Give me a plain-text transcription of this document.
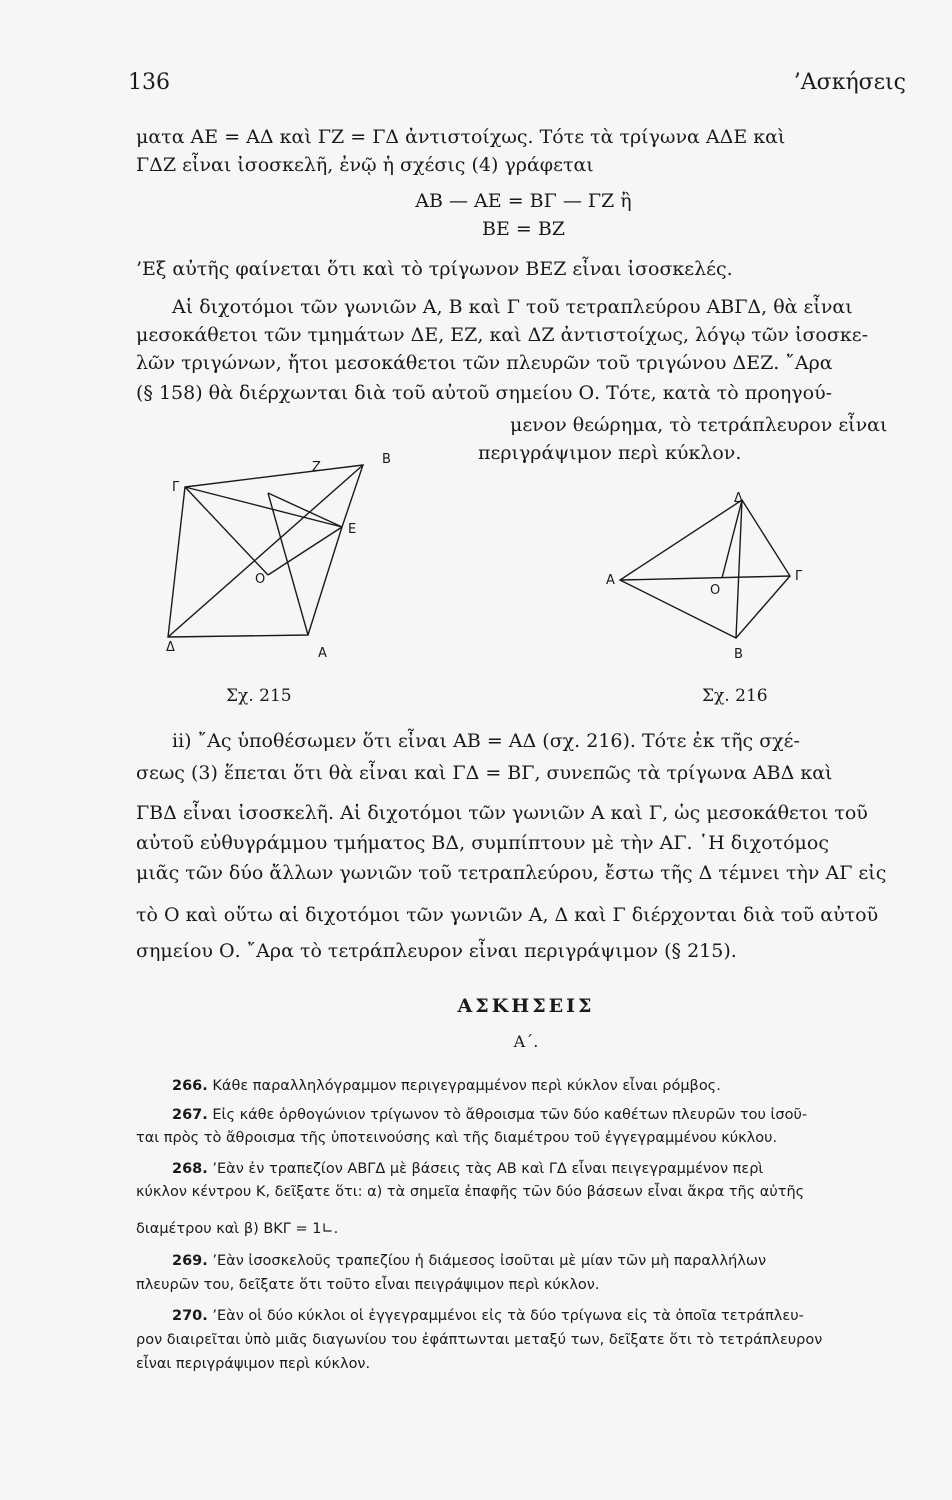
136	’Ασκήσεις
ματα ΑΕ = ΑΔ καὶ ΓΖ = ΓΔ ἀντιστοίχως. Τότε τὰ τρίγωνα ΑΔΕ καὶ
ΓΔΖ εἶναι ἰσοσκελῆ, ἐνῷ ἡ σχέσις (4) γράφεται
ΑΒ — ΑΕ = ΒΓ — ΓΖ ἢ
ΒΕ = ΒΖ
’Εξ αὐτῆς φαίνεται ὅτι καὶ τὸ τρίγωνον ΒΕΖ εἶναι ἰσοσκελές.
Αἱ διχοτόμοι τῶν γωνιῶν Α, Β καὶ Γ τοῦ τετραπλεύρου ΑΒΓΔ, θὰ εἶναι
μεσοκάθετοι τῶν τμημάτων ΔΕ, ΕΖ, καὶ ΔΖ ἀντιστοίχως, λόγῳ τῶν ἰσοσκε-
λῶν τριγώνων, ἤτοι μεσοκάθετοι τῶν πλευρῶν τοῦ τριγώνου ΔΕΖ. ῎Αρα
(§ 158) θὰ διέρχωνται διὰ τοῦ αὐτοῦ σημείου Ο. Τότε, κατὰ τὸ προηγού-
μενον θεώρημα, τὸ τετράπλευρον εἶναι
περιγράψιμον περὶ κύκλον.
Γ
Ζ
Β
Ε
Ο
Δ	Α
Σχ. 215
Δ
Α
Ο
Γ
Β
Σχ. 216
ii) ῎Ας ὑποθέσωμεν ὅτι εἶναι ΑΒ = ΑΔ (σχ. 216). Τότε ἐκ τῆς σχέ-
σεως (3) ἕπεται ὅτι θὰ εἶναι καὶ ΓΔ = ΒΓ, συνεπῶς τὰ τρίγωνα ΑΒΔ καὶ
ΓΒΔ εἶναι ἰσοσκελῆ. Αἱ διχοτόμοι τῶν γωνιῶν Α καὶ Γ, ὡς μεσοκάθετοι τοῦ
αὐτοῦ εὐθυγράμμου τμήματος ΒΔ, συμπίπτουν μὲ τὴν ΑΓ. ῾Η διχοτόμος
μιᾶς τῶν δύο ἄλλων γωνιῶν τοῦ τετραπλεύρου, ἔστω τῆς Δ τέμνει τὴν ΑΓ εἰς
τὸ Ο καὶ οὕτω αἱ διχοτόμοι τῶν γωνιῶν Α, Δ καὶ Γ διέρχονται διὰ τοῦ αὐτοῦ
σημείου Ο. ῎Αρα τὸ τετράπλευρον εἶναι περιγράψιμον (§ 215).
ΑΣΚΗΣΕΙΣ
Α΄.
266. Κάθε παραλληλόγραμμον περιγεγραμμένον περὶ κύκλον εἶναι ρόμβος.
267. Εἰς κάθε ὀρθογώνιον τρίγωνον τὸ ἄθροισμα τῶν δύο καθέτων πλευρῶν του ἰσοῦ-
ται πρὸς τὸ ἄθροισμα τῆς ὑποτεινούσης καὶ τῆς διαμέτρου τοῦ ἐγγεγραμμένου κύκλου.
268. ’Εὰν ἐν τραπεζίον ΑΒΓΔ μὲ βάσεις τὰς ΑΒ καὶ ΓΔ εἶναι πειγεγραμμένον περὶ
κύκλον κέντρου Κ, δεῖξατε ὅτι: α) τὰ σημεῖα ἐπαφῆς τῶν δύο βάσεων εἶναι ἄκρα τῆς αὐτῆς
διαμέτρου καὶ β) ΒΚΓ = 1∟.
269. ’Εὰν ἰσοσκελοῦς τραπεζίου ἡ διάμεσος ἰσοῦται μὲ μίαν τῶν μὴ παραλλήλων
πλευρῶν του, δεῖξατε ὅτι τοῦτο εἶναι πειγράψιμον περὶ κύκλον.
270. ’Εὰν οἱ δύο κύκλοι οἱ ἐγγεγραμμένοι εἰς τὰ δύο τρίγωνα εἰς τὰ ὁποῖα τετράπλευ-
ρον διαιρεῖται ὑπὸ μιᾶς διαγωνίου του ἐφάπτωνται μεταξύ των, δεῖξατε ὅτι τὸ τετράπλευρον
εἶναι περιγράψιμον περὶ κύκλον.
